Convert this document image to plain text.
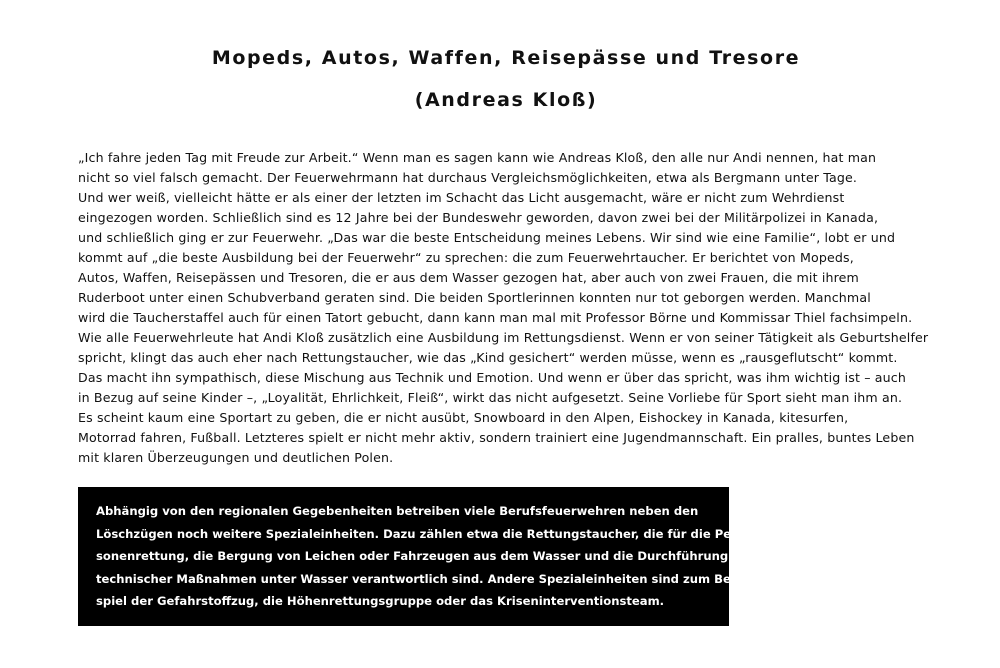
Mopeds, Autos, Waffen, Reisepässe und Tresore
(Andreas Kloß)
„Ich fahre jeden Tag mit Freude zur Arbeit.“ Wenn man es sagen kann wie Andreas Kloß, den alle nur Andi nennen, hat man
nicht so viel falsch gemacht. Der Feuerwehrmann hat durchaus Vergleichsmöglichkeiten, etwa als Bergmann unter Tage.
Und wer weiß, vielleicht hätte er als einer der letzten im Schacht das Licht ausgemacht, wäre er nicht zum Wehrdienst
eingezogen worden. Schließlich sind es 12 Jahre bei der Bundeswehr geworden, davon zwei bei der Militärpolizei in Kanada,
und schließlich ging er zur Feuerwehr. „Das war die beste Entscheidung meines Lebens. Wir sind wie eine Familie“, lobt er und
kommt auf „die beste Ausbildung bei der Feuerwehr“ zu sprechen: die zum Feuerwehrtaucher. Er berichtet von Mopeds,
Autos, Waffen, Reisepässen und Tresoren, die er aus dem Wasser gezogen hat, aber auch von zwei Frauen, die mit ihrem
Ruderboot unter einen Schubverband geraten sind. Die beiden Sportlerinnen konnten nur tot geborgen werden. Manchmal
wird die Taucherstaffel auch für einen Tatort gebucht, dann kann man mal mit Professor Börne und Kommissar Thiel fachsimpeln.
Wie alle Feuerwehrleute hat Andi Kloß zusätzlich eine Ausbildung im Rettungsdienst. Wenn er von seiner Tätigkeit als Geburtshelfer
spricht, klingt das auch eher nach Rettungstaucher, wie das „Kind gesichert“ werden müsse, wenn es „rausgeflutscht“ kommt.
Das macht ihn sympathisch, diese Mischung aus Technik und Emotion. Und wenn er über das spricht, was ihm wichtig ist – auch
in Bezug auf seine Kinder –, „Loyalität, Ehrlichkeit, Fleiß“, wirkt das nicht aufgesetzt. Seine Vorliebe für Sport sieht man ihm an.
Es scheint kaum eine Sportart zu geben, die er nicht ausübt, Snowboard in den Alpen, Eishockey in Kanada, kitesurfen,
Motorrad fahren, Fußball. Letzteres spielt er nicht mehr aktiv, sondern trainiert eine Jugendmannschaft. Ein pralles, buntes Leben
mit klaren Überzeugungen und deutlichen Polen.
Abhängig von den regionalen Gegebenheiten betreiben viele Berufsfeuerwehren neben den
Löschzügen noch weitere Spezialeinheiten. Dazu zählen etwa die Rettungstaucher, die für die Per-
sonenrettung, die Bergung von Leichen oder Fahrzeugen aus dem Wasser und die Durchführung
technischer Maßnahmen unter Wasser verantwortlich sind. Andere Spezialeinheiten sind zum Bei-
spiel der Gefahrstoffzug, die Höhenrettungsgruppe oder das Kriseninterventionsteam.
